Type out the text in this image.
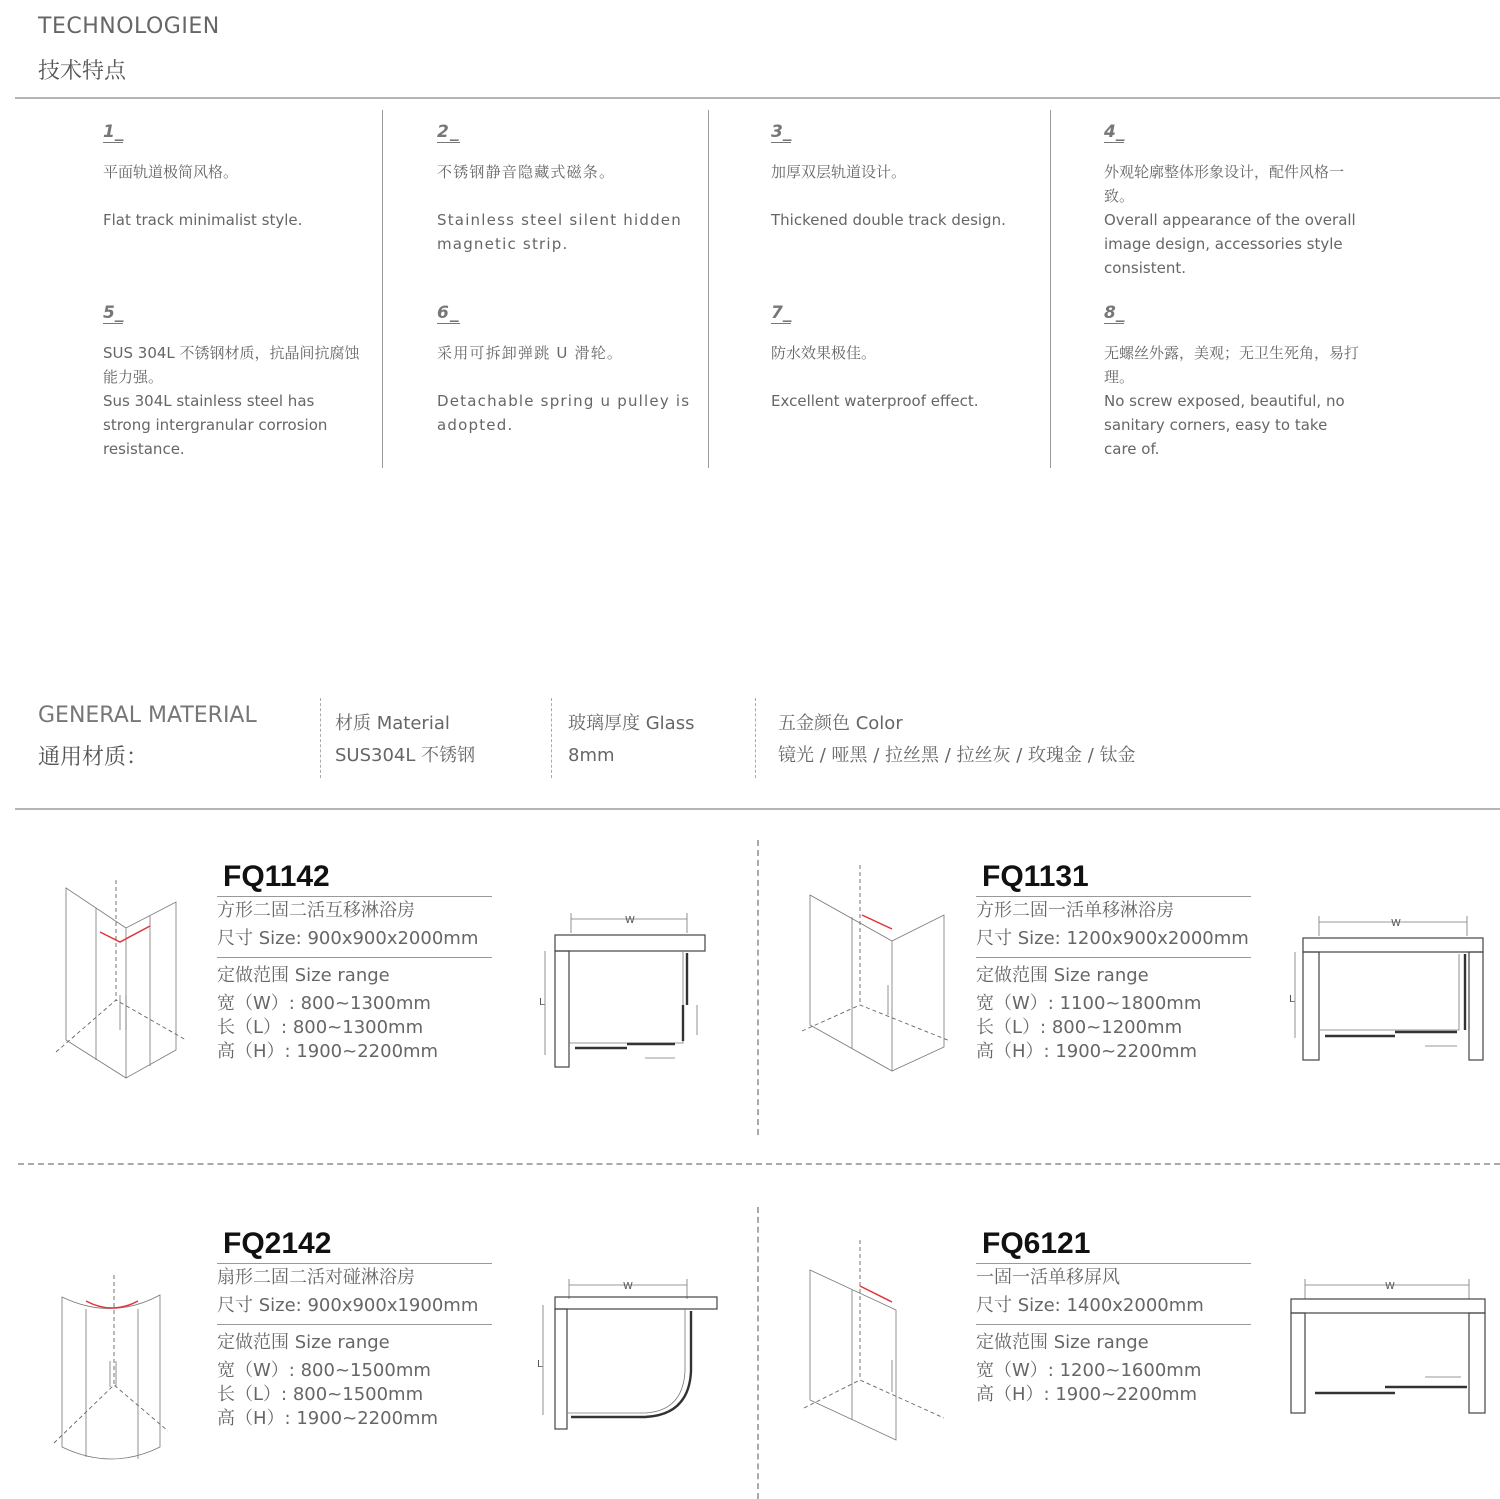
TECHNOLOGIEN
技术特点
1_
平面轨道极简风格。
Flat track minimalist style.
2_
不锈钢静音隐藏式磁条。
Stainless steel silent hidden magnetic strip.
3_
加厚双层轨道设计。
Thickened double track design.
4_
外观轮廓整体形象设计，配件风格一致。
Overall appearance of the overall image design, accessories style consistent.
5_
SUS 304L 不锈钢材质，抗晶间抗腐蚀能力强。
Sus 304L stainless steel has strong intergranular corrosion resistance.
6_
采用可拆卸弹跳 U 滑轮。
Detachable spring u pulley is adopted.
7_
防水效果极佳。
Excellent waterproof effect.
8_
无螺丝外露，美观；无卫生死角，易打理。
No screw exposed, beautiful, no sanitary corners, easy to take care of.
GENERAL MATERIAL
通用材质：
材质 Material
SUS304L 不锈钢
玻璃厚度 Glass
8mm
五金颜色 Color
镜光 / 哑黑 / 拉丝黑 / 拉丝灰 / 玫瑰金 / 钛金
FQ1142
方形二固二活互移淋浴房
尺寸 Size: 900x900x2000mm
定做范围 Size range
宽（W）: 800~1300mm
长（L）: 800~1300mm
高（H）: 1900~2200mm
W
L
FQ1131
方形二固一活单移淋浴房
尺寸 Size: 1200x900x2000mm
定做范围 Size range
宽（W）: 1100~1800mm
长（L）: 800~1200mm
高（H）: 1900~2200mm
W
L
FQ2142
扇形二固二活对碰淋浴房
尺寸 Size: 900x900x1900mm
定做范围 Size range
宽（W）: 800~1500mm
长（L）: 800~1500mm
高（H）: 1900~2200mm
W
L
FQ6121
一固一活单移屏风
尺寸 Size: 1400x2000mm
定做范围 Size range
宽（W）: 1200~1600mm
高（H）: 1900~2200mm
W
